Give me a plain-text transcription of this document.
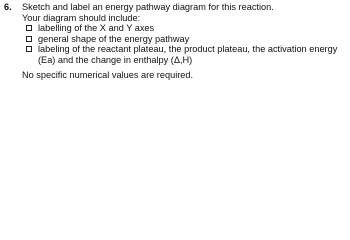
6.	Sketch and label an energy pathway diagram for this reaction.
Your diagram should include:
labelling of the X and Y axes
general shape of the energy pathway
labeling of the reactant plateau, the product plateau, the activation energy (Ea) and the change in enthalpy (Δ,H)
No specific numerical values are required.
